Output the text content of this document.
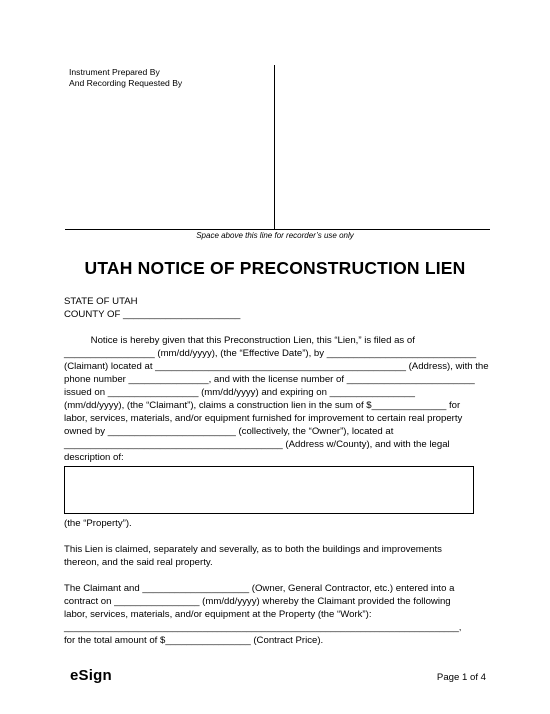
Instrument Prepared By
And Recording Requested By
Space above this line for recorder’s use only
UTAH NOTICE OF PRECONSTRUCTION LIEN
STATE OF UTAH
COUNTY OF ______________________
Notice is hereby given that this Preconstruction Lien, this “Lien,” is filed as of
_________________ (mm/dd/yyyy), (the “Effective Date”), by ____________________________
(Claimant) located at _______________________________________________ (Address), with the
phone number _______________, and with the license number of ________________________
issued on _________________ (mm/dd/yyyy) and expiring on ________________
(mm/dd/yyyy), (the “Claimant”), claims a construction lien in the sum of $______________ for
labor, services, materials, and/or equipment furnished for improvement to certain real property
owned by ________________________ (collectively, the “Owner”), located at
_________________________________________ (Address w/County), and with the legal
description of:
(the “Property”).
This Lien is claimed, separately and severally, as to both the buildings and improvements
thereon, and the said real property.
The Claimant and ____________________ (Owner, General Contractor, etc.) entered into a
contract on ________________ (mm/dd/yyyy) whereby the Claimant provided the following
labor, services, materials, and/or equipment at the Property (the “Work”):
________________________________________________________________________________,
for the total amount of $________________ (Contract Price).
eSign	Page 1 of 4
